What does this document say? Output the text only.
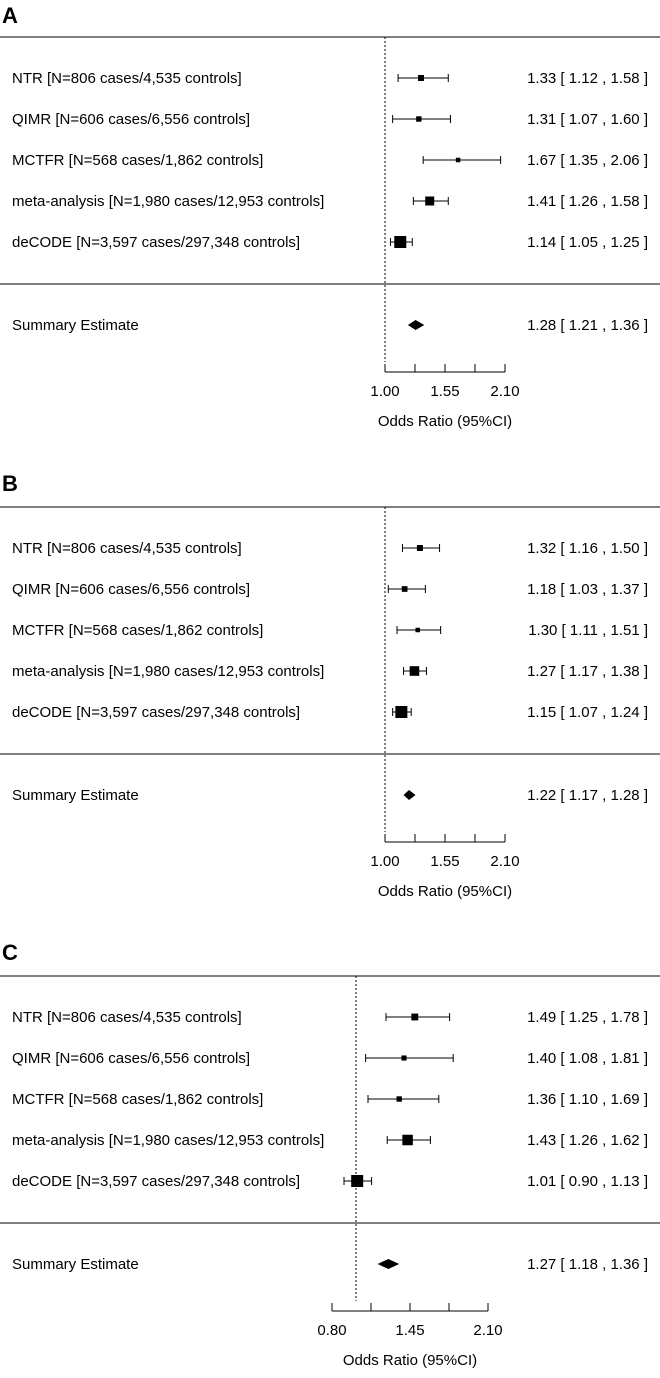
A
B
C
NTR [N=806 cases/4,535 controls]	1.33 [ 1.12 , 1.58 ]
QIMR [N=606 cases/6,556 controls]	1.31 [ 1.07 , 1.60 ]
MCTFR [N=568 cases/1,862 controls]	1.67 [ 1.35 , 2.06 ]
meta-analysis [N=1,980 cases/12,953 controls]	1.41 [ 1.26 , 1.58 ]
deCODE [N=3,597 cases/297,348 controls]	1.14 [ 1.05 , 1.25 ]
Summary Estimate	1.28 [ 1.21 , 1.36 ]
1.00 1.55 2.10
Odds Ratio (95%CI)
NTR [N=806 cases/4,535 controls]	1.32 [ 1.16 , 1.50 ]
QIMR [N=606 cases/6,556 controls]	1.18 [ 1.03 , 1.37 ]
MCTFR [N=568 cases/1,862 controls]	1.30 [ 1.11 , 1.51 ]
meta-analysis [N=1,980 cases/12,953 controls]	1.27 [ 1.17 , 1.38 ]
deCODE [N=3,597 cases/297,348 controls]	1.15 [ 1.07 , 1.24 ]
Summary Estimate	1.22 [ 1.17 , 1.28 ]
1.00 1.55 2.10
Odds Ratio (95%CI)
NTR [N=806 cases/4,535 controls]	1.49 [ 1.25 , 1.78 ]
QIMR [N=606 cases/6,556 controls]	1.40 [ 1.08 , 1.81 ]
MCTFR [N=568 cases/1,862 controls]	1.36 [ 1.10 , 1.69 ]
meta-analysis [N=1,980 cases/12,953 controls]	1.43 [ 1.26 , 1.62 ]
deCODE [N=3,597 cases/297,348 controls]	1.01 [ 0.90 , 1.13 ]
Summary Estimate	1.27 [ 1.18 , 1.36 ]
0.80	1.45	2.10
Odds Ratio (95%CI)
